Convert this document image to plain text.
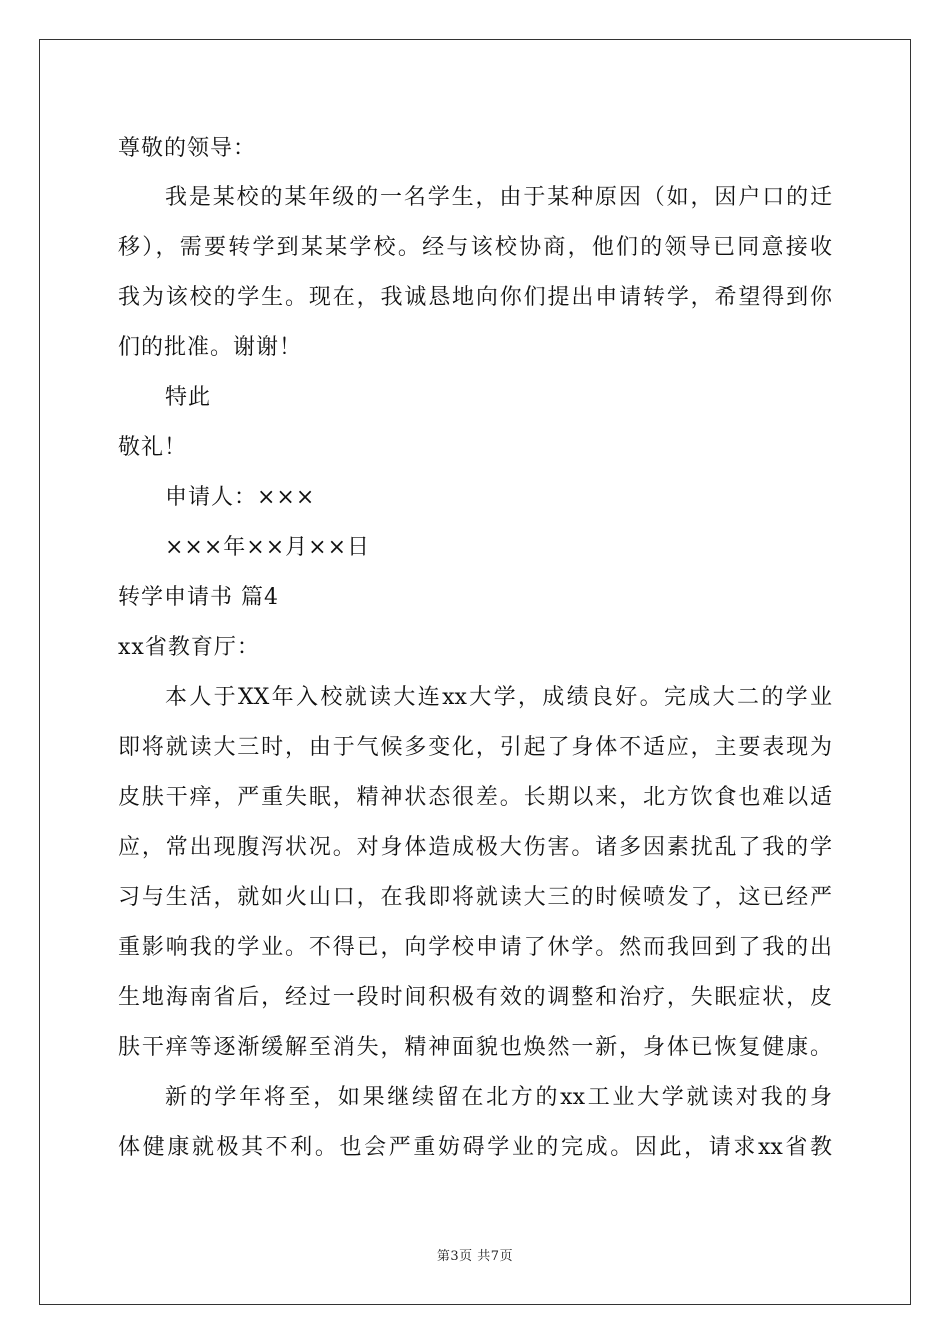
尊敬的领导：
我是某校的某年级的一名学生，由于某种原因（如，因户口的迁
移），需要转学到某某学校。经与该校协商，他们的领导已同意接收
我为该校的学生。现在，我诚恳地向你们提出申请转学，希望得到你
们的批准。谢谢！
特此
敬礼！
申请人：×××
×××年××月××日
转学申请书 篇4
xx省教育厅：
本人于XX年入校就读大连xx大学，成绩良好。完成大二的学业
即将就读大三时，由于气候多变化，引起了身体不适应，主要表现为
皮肤干痒，严重失眠，精神状态很差。长期以来，北方饮食也难以适
应，常出现腹泻状况。对身体造成极大伤害。诸多因素扰乱了我的学
习与生活，就如火山口，在我即将就读大三的时候喷发了，这已经严
重影响我的学业。不得已，向学校申请了休学。然而我回到了我的出
生地海南省后，经过一段时间积极有效的调整和治疗，失眠症状，皮
肤干痒等逐渐缓解至消失，精神面貌也焕然一新，身体已恢复健康。
新的学年将至，如果继续留在北方的xx工业大学就读对我的身
体健康就极其不利。也会严重妨碍学业的完成。因此，请求xx省教
第3页 共7页
